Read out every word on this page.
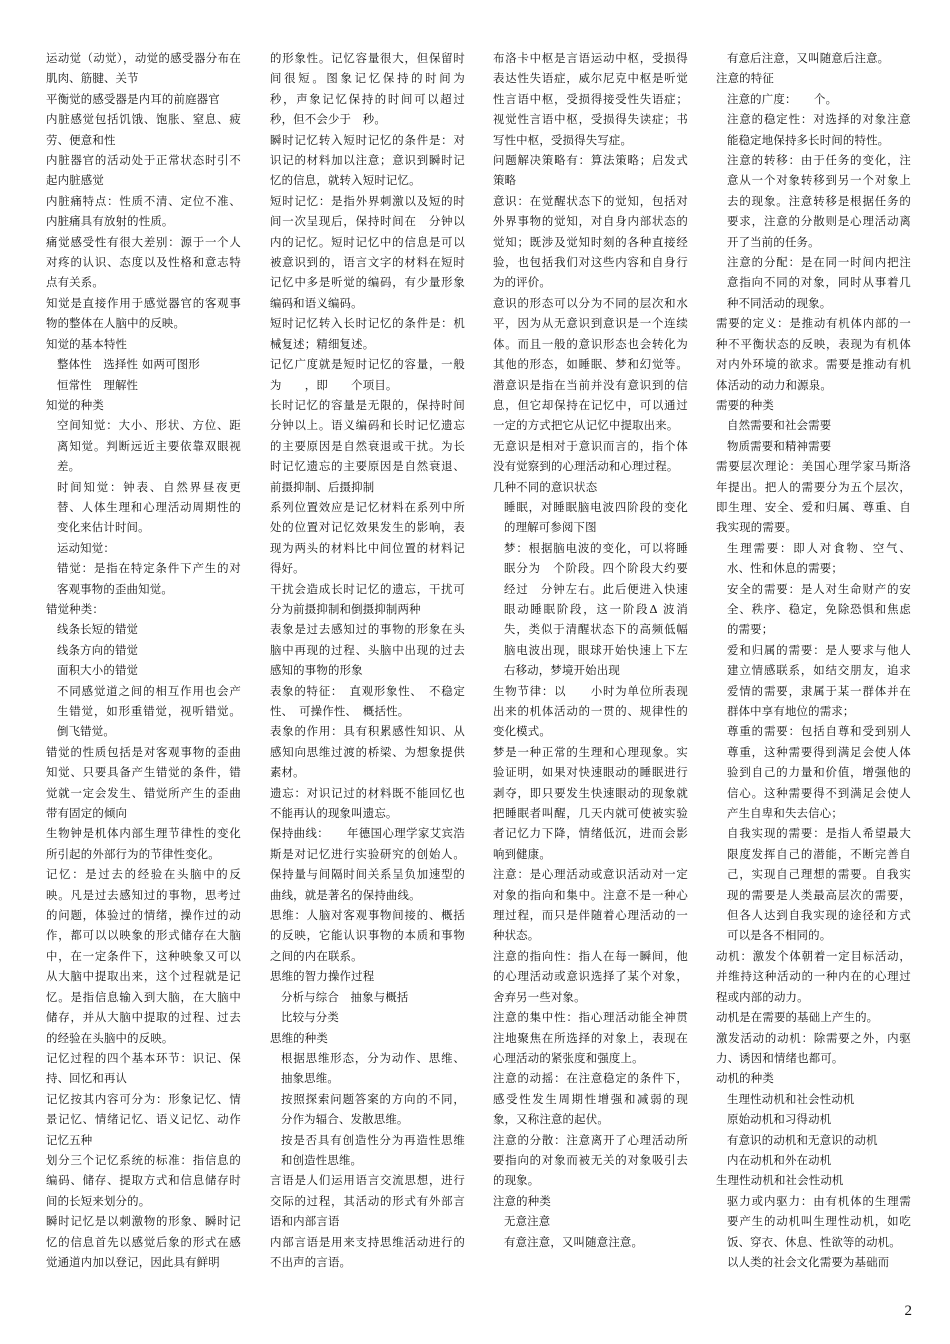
运动觉（动觉），动觉的感受器分布在肌肉、筋腱、关节

平衡觉的感受器是内耳的前庭器官

内脏感觉包括饥饿、饱胀、窒息、疲劳、便意和性

内脏器官的活动处于正常状态时引不起内脏感觉

内脏痛特点：性质不清、定位不准、内脏痛具有放射的性质。

痛觉感受性有很大差别：源于一个人对疼的认识、态度以及性格和意志特点有关系。

知觉是直接作用于感觉器官的客观事物的整体在人脑中的反映。

知觉的基本特性

整体性　选择性 如两可图形

恒常性　理解性

知觉的种类

空间知觉：大小、形状、方位、距离知觉。判断远近主要依靠双眼视差。

时间知觉：钟表、自然界昼夜更替、人体生理和心理活动周期性的变化来估计时间。

运动知觉：

错觉：是指在特定条件下产生的对客观事物的歪曲知觉。

错觉种类：

线条长短的错觉

线条方向的错觉

面积大小的错觉

不同感觉道之间的相互作用也会产生错觉，如形重错觉，视听错觉。倒飞错觉。

错觉的性质包括是对客观事物的歪曲知觉、只要具备产生错觉的条件，错觉就一定会发生、错觉所产生的歪曲带有固定的倾向

生物钟是机体内部生理节律性的变化所引起的外部行为的节律性变化。

记忆：是过去的经验在头脑中的反映。凡是过去感知过的事物，思考过的问题，体验过的情绪，操作过的动作，都可以以映象的形式储存在大脑中，在一定条件下，这种映象又可以从大脑中提取出来，这个过程就是记忆。是指信息输入到大脑，在大脑中储存，并从大脑中提取的过程、过去的经验在头脑中的反映。

记忆过程的四个基本环节：识记、保持、回忆和再认

记忆按其内容可分为：形象记忆、情景记忆、情绪记忆、语义记忆、动作记忆五种

划分三个记忆系统的标准：指信息的编码、储存、提取方式和信息储存时间的长短来划分的。

瞬时记忆是以刺激物的形象、瞬时记忆的信息首先以感觉后象的形式在感觉通道内加以登记，因此具有鲜明

的形象性。记忆容量很大，但保留时间很短。图象记忆保持的时间为　　秒，声象记忆保持的时间可以超过　秒，但不会少于　秒。

瞬时记忆转入短时记忆的条件是：对识记的材料加以注意；意识到瞬时记忆的信息，就转入短时记忆。

短时记忆：是指外界刺激以及短的时间一次呈现后，保持时间在　分钟以内的记忆。短时记忆中的信息是可以被意识到的，语言文字的材料在短时记忆中多是听觉的编码，有少量形象编码和语义编码。

短时记忆转入长时记忆的条件是：机械复述；精细复述。

记忆广度就是短时记忆的容量，一般为　　，即　　个项目。

长时记忆的容量是无限的，保持时间　分钟以上。语义编码和长时记忆遗忘的主要原因是自然衰退或干扰。为长时记忆遗忘的主要原因是自然衰退、前摄抑制、后摄抑制

系列位置效应是记忆材料在系列中所处的位置对记忆效果发生的影响，表现为两头的材料比中间位置的材料记得好。

干扰会造成长时记忆的遗忘，干扰可分为前摄抑制和倒摄抑制两种

表象是过去感知过的事物的形象在头脑中再现的过程、头脑中出现的过去感知的事物的形象

表象的特征：　直观形象性、　不稳定性、　可操作性、　概括性。

表象的作用：具有积累感性知识、从感知向思维过渡的桥梁、为想象提供素材。

遗忘：对识记过的材料既不能回忆也不能再认的现象叫遗忘。

保持曲线：　　年德国心理学家艾宾浩斯是对记忆进行实验研究的创始人。保持量与间隔时间关系呈负加速型的曲线，就是著名的保持曲线。

思维：人脑对客观事物间接的、概括的反映，它能认识事物的本质和事物之间的内在联系。

思维的智力操作过程

分析与综合　抽象与概括

比较与分类

思维的种类

根据思维形态，分为动作、思维、抽象思维。

按照探索问题答案的方向的不同，分作为辐合、发散思维。

按是否具有创造性分为再造性思维和创造性思维。

言语是人们运用语言交流思想，进行交际的过程，其活动的形式有外部言语和内部言语

内部言语是用来支持思维活动进行的不出声的言语。

布洛卡中枢是言语运动中枢，受损得表达性失语症，威尔尼克中枢是听觉性言语中枢，受损得接受性失语症；视觉性言语中枢，受损得失读症；书写性中枢，受损得失写症。

问题解决策略有：算法策略；启发式策略

意识：在觉醒状态下的觉知，包括对外界事物的觉知，对自身内部状态的觉知；既涉及觉知时刻的各种直接经验，也包括我们对这些内容和自身行为的评价。

意识的形态可以分为不同的层次和水平，因为从无意识到意识是一个连续体。而且一般的意识形态也会转化为其他的形态，如睡眠、梦和幻觉等。潜意识是指在当前并没有意识到的信息，但它却保持在记忆中，可以通过一定的方式把它从记忆中提取出来。

无意识是相对于意识而言的，指个体没有觉察到的心理活动和心理过程。

几种不同的意识状态

睡眠，对睡眠脑电波四阶段的变化的理解可参阅下图

梦：根据脑电波的变化，可以将睡眠分为　个阶段。四个阶段大约要经过　分钟左右。此后便进入快速眼动睡眠阶段，这一阶段Δ 波消失，类似于清醒状态下的高频低幅脑电波出现，眼球开始快速上下左右移动，梦境开始出现

生物节律：以　　小时为单位所表现出来的机体活动的一贯的、规律性的变化模式。

梦是一种正常的生理和心理现象。实验证明，如果对快速眼动的睡眠进行剥夺，即只要发生快速眼动的现象就把睡眠者叫醒，几天内就可使被实验者记忆力下降，情绪低沉，进而会影响到健康。

注意：是心理活动或意识活动对一定对象的指向和集中。注意不是一种心理过程，而只是伴随着心理活动的一种状态。

注意的指向性：指人在每一瞬间，他的心理活动或意识选择了某个对象，舍弃另一些对象。

注意的集中性：指心理活动能全神贯注地聚焦在所选择的对象上，表现在心理活动的紧张度和强度上。

注意的动摇：在注意稳定的条件下，感受性发生周期性增强和减弱的现象，又称注意的起伏。

注意的分散：注意离开了心理活动所要指向的对象而被无关的对象吸引去的现象。

注意的种类

无意注意

有意注意，又叫随意注意。

有意后注意，又叫随意后注意。

注意的特征

注意的广度：　　个。

注意的稳定性：对选择的对象注意能稳定地保持多长时间的特性。

注意的转移：由于任务的变化，注意从一个对象转移到另一个对象上去的现象。注意转移是根据任务的要求，注意的分散则是心理活动离开了当前的任务。

注意的分配：是在同一时间内把注意指向不同的对象，同时从事着几种不同活动的现象。

需要的定义：是推动有机体内部的一种不平衡状态的反映，表现为有机体对内外环境的欲求。需要是推动有机体活动的动力和源泉。

需要的种类

自然需要和社会需要

物质需要和精神需要

需要层次理论：美国心理学家马斯洛　　年提出。把人的需要分为五个层次，即生理、安全、爱和归属、尊重、自我实现的需要。

生理需要：即人对食物、空气、水、性和休息的需要；

安全的需要：是人对生命财产的安全、秩序、稳定，免除恐惧和焦虑的需要；

爱和归属的需要：是人要求与他人建立情感联系，如结交朋友，追求爱情的需要，隶属于某一群体并在群体中享有地位的需求；

尊重的需要：包括自尊和受到别人尊重，这种需要得到满足会使人体验到自己的力量和价值，增强他的信心。这种需要得不到满足会使人产生自卑和失去信心；

自我实现的需要：是指人希望最大限度发挥自己的潜能，不断完善自己，实现自己理想的需要。自我实现的需要是人类最高层次的需要，但各人达到自我实现的途径和方式可以是各不相同的。

动机：激发个体朝着一定目标活动，并维持这种活动的一种内在的心理过程或内部的动力。

动机是在需要的基础上产生的。

激发活动的动机：除需要之外，内驱力、诱因和情绪也都可。

动机的种类

生理性动机和社会性动机

原始动机和习得动机

有意识的动机和无意识的动机

内在动机和外在动机

生理性动机和社会性动机

驱力或内驱力：由有机体的生理需要产生的动机叫生理性动机，如吃饭、穿衣、休息、性欲等的动机。

以人类的社会文化需要为基础而

2
